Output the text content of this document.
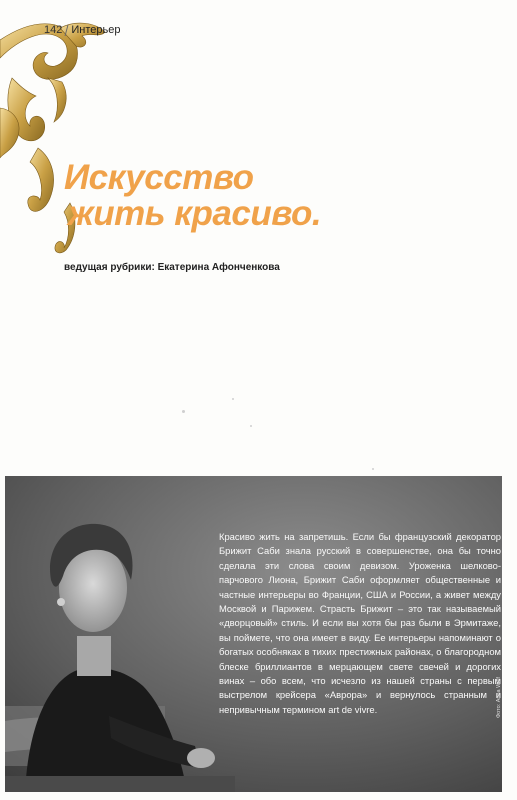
142 Интерьер
Искусство
жить красиво.
ведущая рубрики: Екатерина Афонченкова
Красиво жить на запретишь. Если бы французский декоратор Брижит Саби знала русский в совершенстве, она бы точно сделала эти слова своим девизом. Уроженка шелково-парчового Лиона, Брижит Саби оформляет общественные и частные интерьеры во Франции, США и России, а живет между Москвой и Парижем. Страсть Брижит – это так называемый «дворцовый» стиль. И если вы хотя бы раз были в Эрмитаже, вы поймете, что она имеет в виду. Ее интерьеры напоминают о богатых особняках в тихих престижных районах, о благородном блеске бриллиантов в мерцающем свете свечей и дорогих винах – обо всем, что исчезло из нашей страны с первым выстрелом крейсера «Аврора» и вернулось странным и непривычным термином art de vivre.	Фото: Anna Wulf
